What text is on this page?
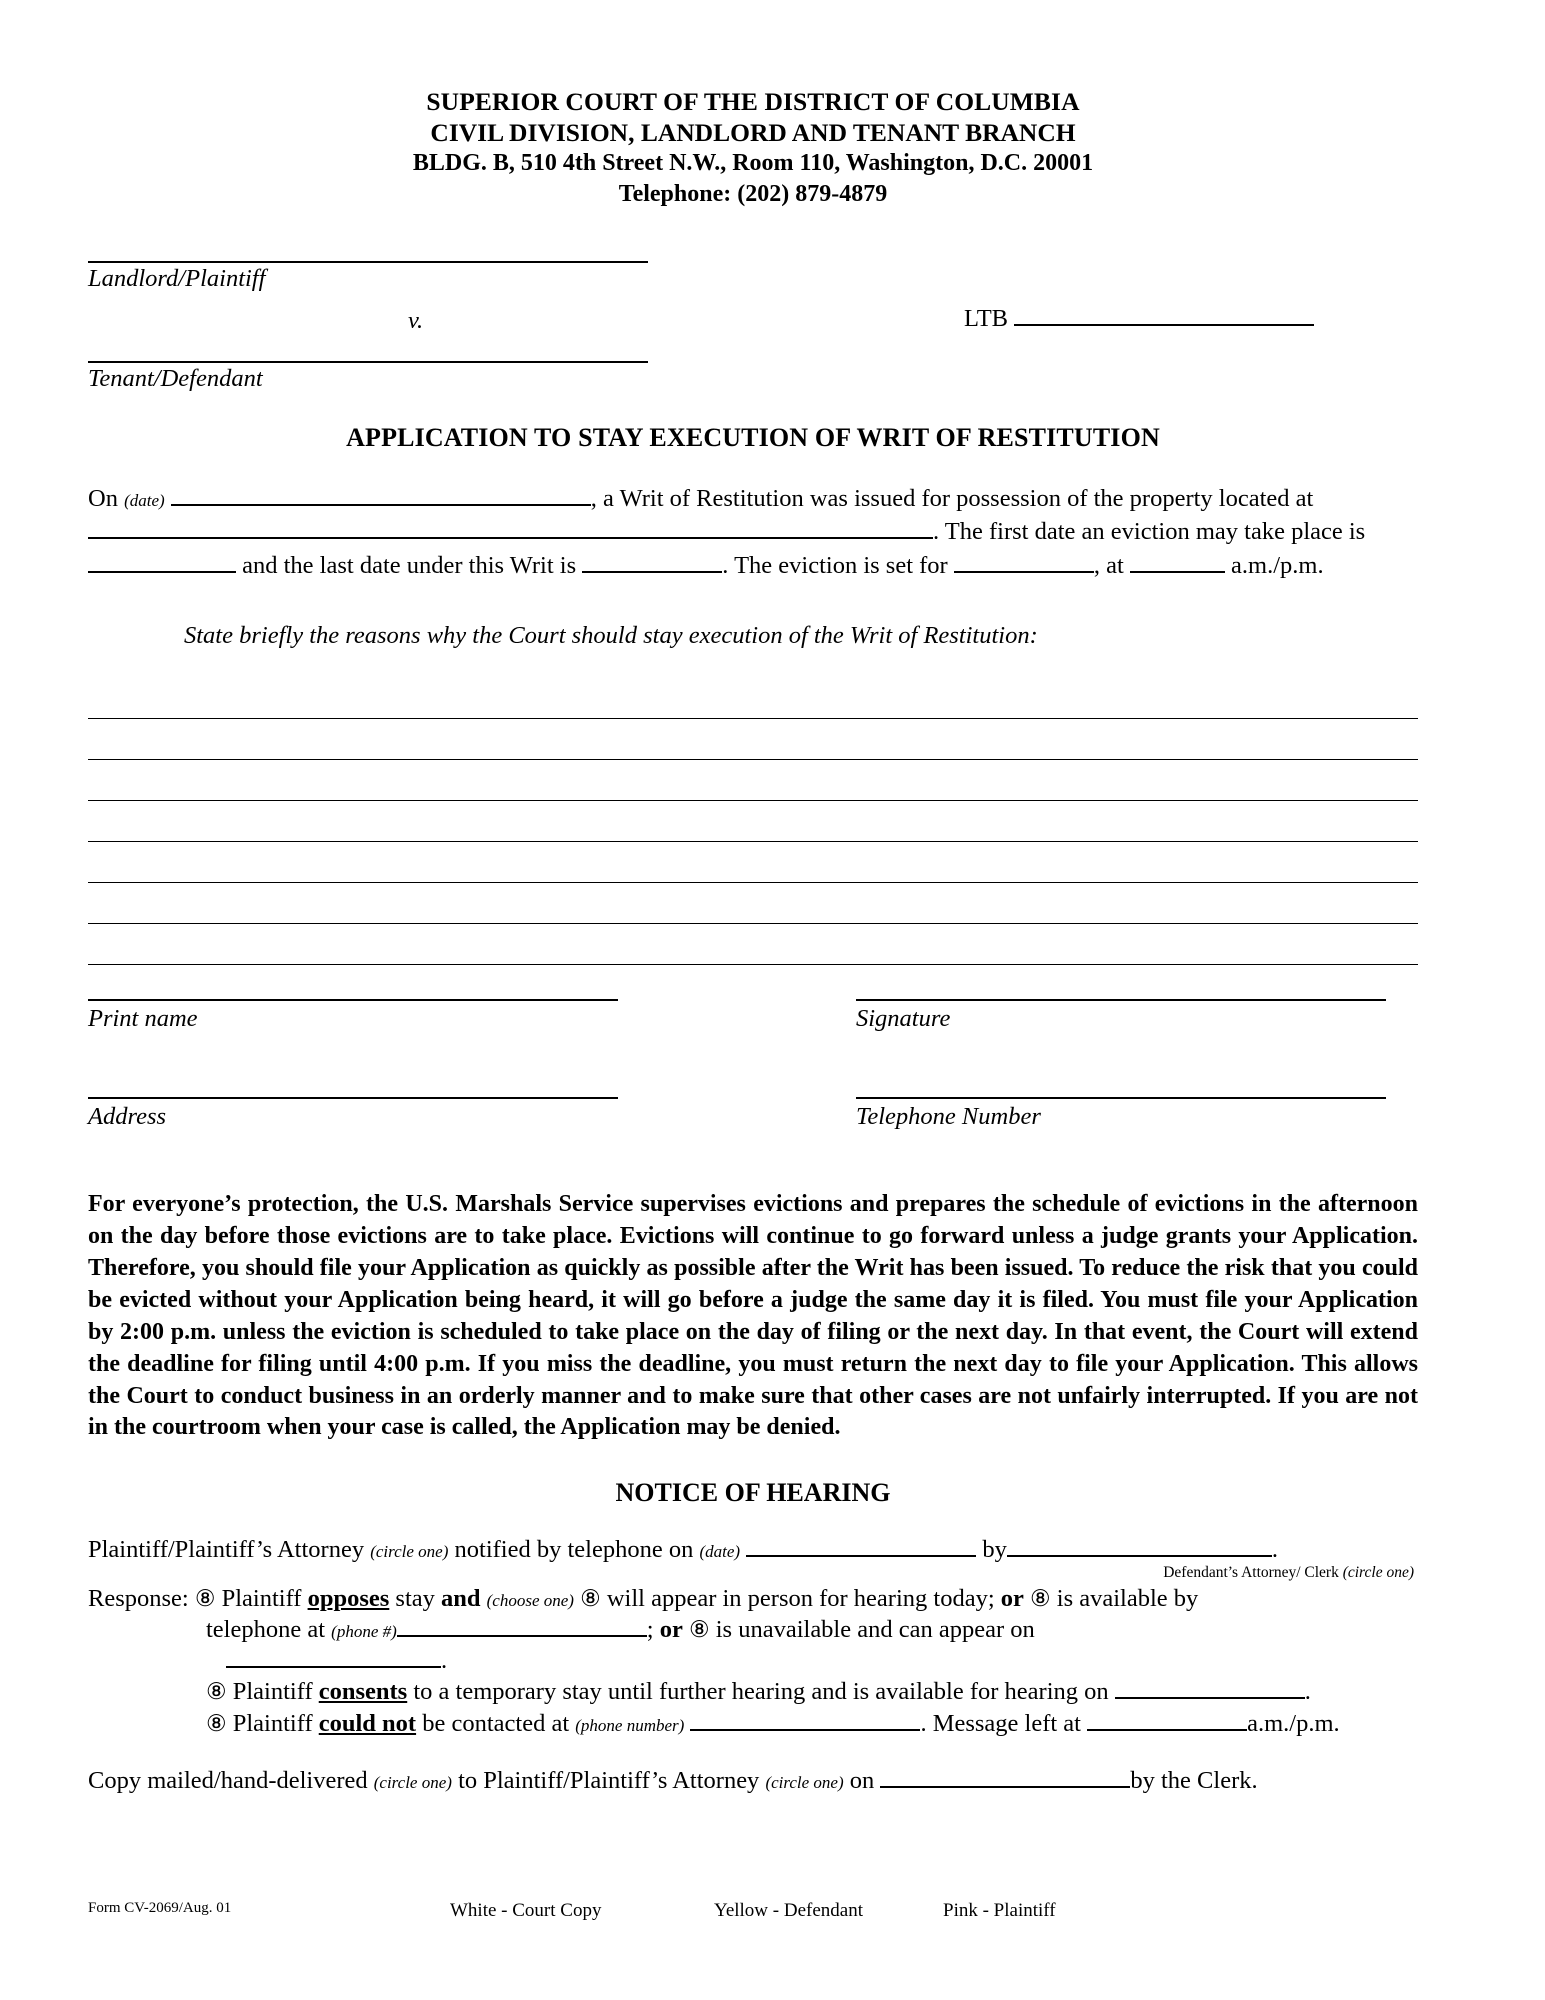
SUPERIOR COURT OF THE DISTRICT OF COLUMBIA
CIVIL DIVISION, LANDLORD AND TENANT BRANCH
BLDG. B, 510 4th Street N.W., Room 110, Washington, D.C. 20001
Telephone: (202) 879-4879
Landlord/Plaintiff
v.	LTB
Tenant/Defendant
APPLICATION TO STAY EXECUTION OF WRIT OF RESTITUTION
On (date)	, a Writ of Restitution was issued for possession of the property located at
. The first date an eviction may take place is
and the last date under this Writ is	. The eviction is set for	, at	a.m./p.m.
State briefly the reasons why the Court should stay execution of the Writ of Restitution:
Print name	Signature
Address	Telephone Number
For everyone’s protection, the U.S. Marshals Service supervises evictions and prepares the schedule of evictions in the afternoon on the day before those evictions are to take place. Evictions will continue to go forward unless a judge grants your Application. Therefore, you should file your Application as quickly as possible after the Writ has been issued. To reduce the risk that you could be evicted without your Application being heard, it will go before a judge the same day it is filed. You must file your Application by 2:00 p.m. unless the eviction is scheduled to take place on the day of filing or the next day. In that event, the Court will extend the deadline for filing until 4:00 p.m. If you miss the deadline, you must return the next day to file your Application. This allows the Court to conduct business in an orderly manner and to make sure that other cases are not unfairly interrupted. If you are not in the courtroom when your case is called, the Application may be denied.
NOTICE OF HEARING
Plaintiff/Plaintiff’s Attorney (circle one) notified by telephone on (date)	by	.
Defendant’s Attorney/ Clerk (circle one)
Response: ⑧ Plaintiff opposes stay and (choose one) ⑧ will appear in person for hearing today; or ⑧ is available by
telephone at (phone #)	; or ⑧ is unavailable and can appear on
.
⑧ Plaintiff consents to a temporary stay until further hearing and is available for hearing on	.
⑧ Plaintiff could not be contacted at (phone number)	. Message left at	a.m./p.m.
Copy mailed/hand-delivered (circle one) to Plaintiff/Plaintiff’s Attorney (circle one) on	by the Clerk.
Form CV-2069/Aug. 01	White - Court Copy	Yellow - Defendant	Pink - Plaintiff
